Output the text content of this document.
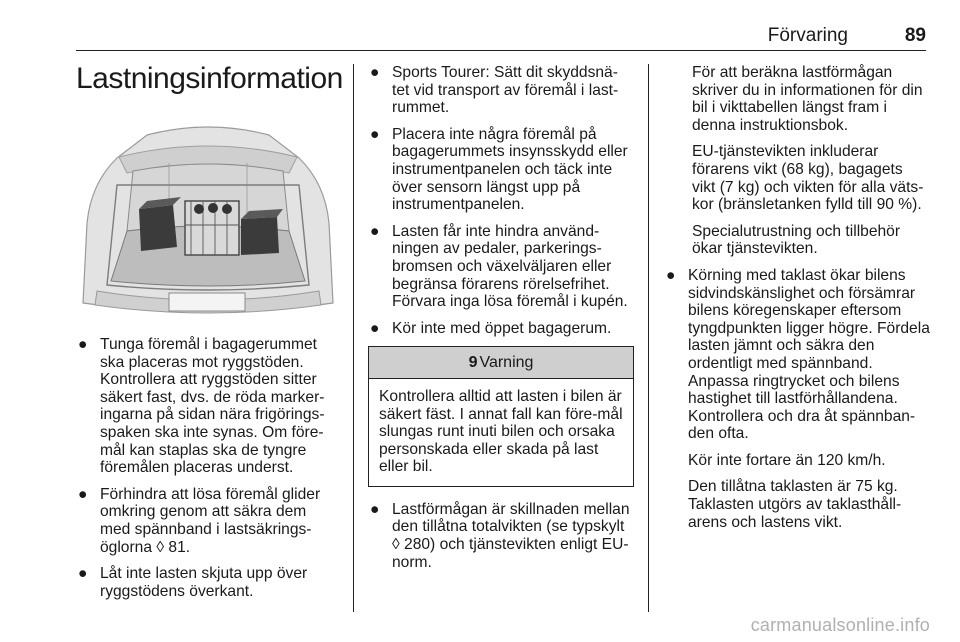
Förvaring	89
Lastningsinformation
● Tunga föremål i bagagerummet ska placeras mot ryggstöden. Kontrollera att ryggstöden sitter säkert fast, dvs. de röda marker-ingarna på sidan nära frigörings-spaken ska inte synas. Om före-mål kan staplas ska de tyngre föremålen placeras underst.

● Förhindra att lösa föremål glider omkring genom att säkra dem med spännband i lastsäkrings-öglorna ◊ 81.

● Låt inte lasten skjuta upp över ryggstödens överkant.

● Sports Tourer: Sätt dit skyddsnä-tet vid transport av föremål i last-rummet.

● Placera inte några föremål på bagagerummets insynsskydd eller instrumentpanelen och täck inte över sensorn längst upp på instrumentpanelen.

● Lasten får inte hindra använd-ningen av pedaler, parkerings-bromsen och växelväljaren eller begränsa förarens rörelsefrihet. Förvara inga lösa föremål i kupén.

● Kör inte med öppet bagagerum.

9 Varning
Kontrollera alltid att lasten i bilen är säkert fäst. I annat fall kan före-mål slungas runt inuti bilen och orsaka personskada eller skada på last eller bil.
● Lastförmågan är skillnaden mellan den tillåtna totalvikten (se typskylt ◊ 280) och tjänstevikten enligt EU-norm.

För att beräkna lastförmågan skriver du in informationen för din bil i vikttabellen längst fram i denna instruktionsbok.

EU-tjänstevikten inkluderar förarens vikt (68 kg), bagagets vikt (7 kg) och vikten för alla väts-kor (bränsletanken fylld till 90 %).

Specialutrustning och tillbehör ökar tjänstevikten.

● Körning med taklast ökar bilens sidvindskänslighet och försämrar bilens köregenskaper eftersom tyngdpunkten ligger högre. Fördela lasten jämnt och säkra den ordentligt med spännband. Anpassa ringtrycket och bilens hastighet till lastförhållandena. Kontrollera och dra åt spännban-den ofta.

Kör inte fortare än 120 km/h.

Den tillåtna taklasten är 75 kg. Taklasten utgörs av taklasthåll-arens och lastens vikt.

carmanualsonline.info
